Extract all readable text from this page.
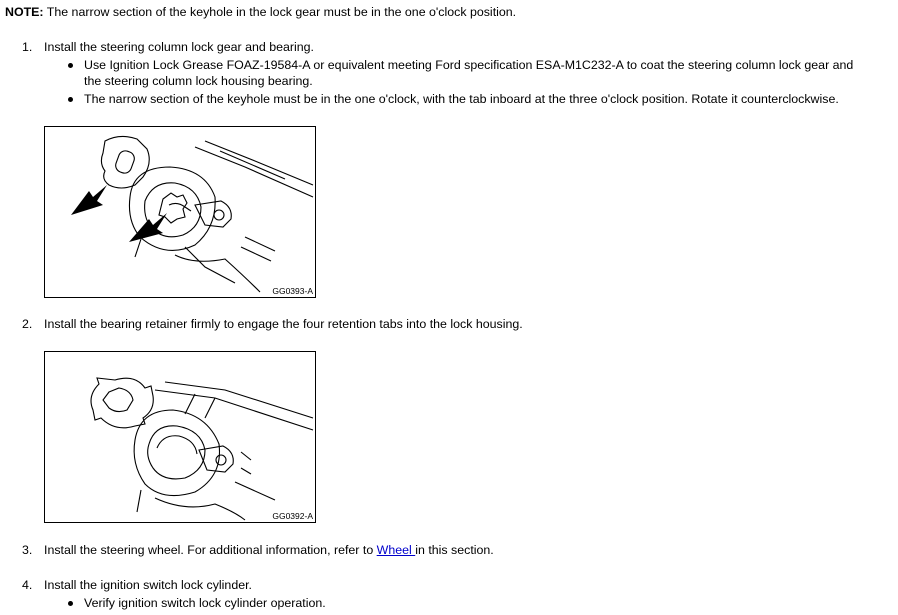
NOTE: The narrow section of the keyhole in the lock gear must be in the one o'clock position.
1. Install the steering column lock gear and bearing.
Use Ignition Lock Grease FOAZ-19584-A or equivalent meeting Ford specification ESA-M1C232-A to coat the steering column lock gear and
the steering column lock housing bearing.
The narrow section of the keyhole must be in the one o'clock, with the tab inboard at the three o'clock position. Rotate it counterclockwise.
GG0393-A
2. Install the bearing retainer firmly to engage the four retention tabs into the lock housing.
GG0392-A
3. Install the steering wheel. For additional information, refer to Wheel in this section.
4. Install the ignition switch lock cylinder.
Verify ignition switch lock cylinder operation.
